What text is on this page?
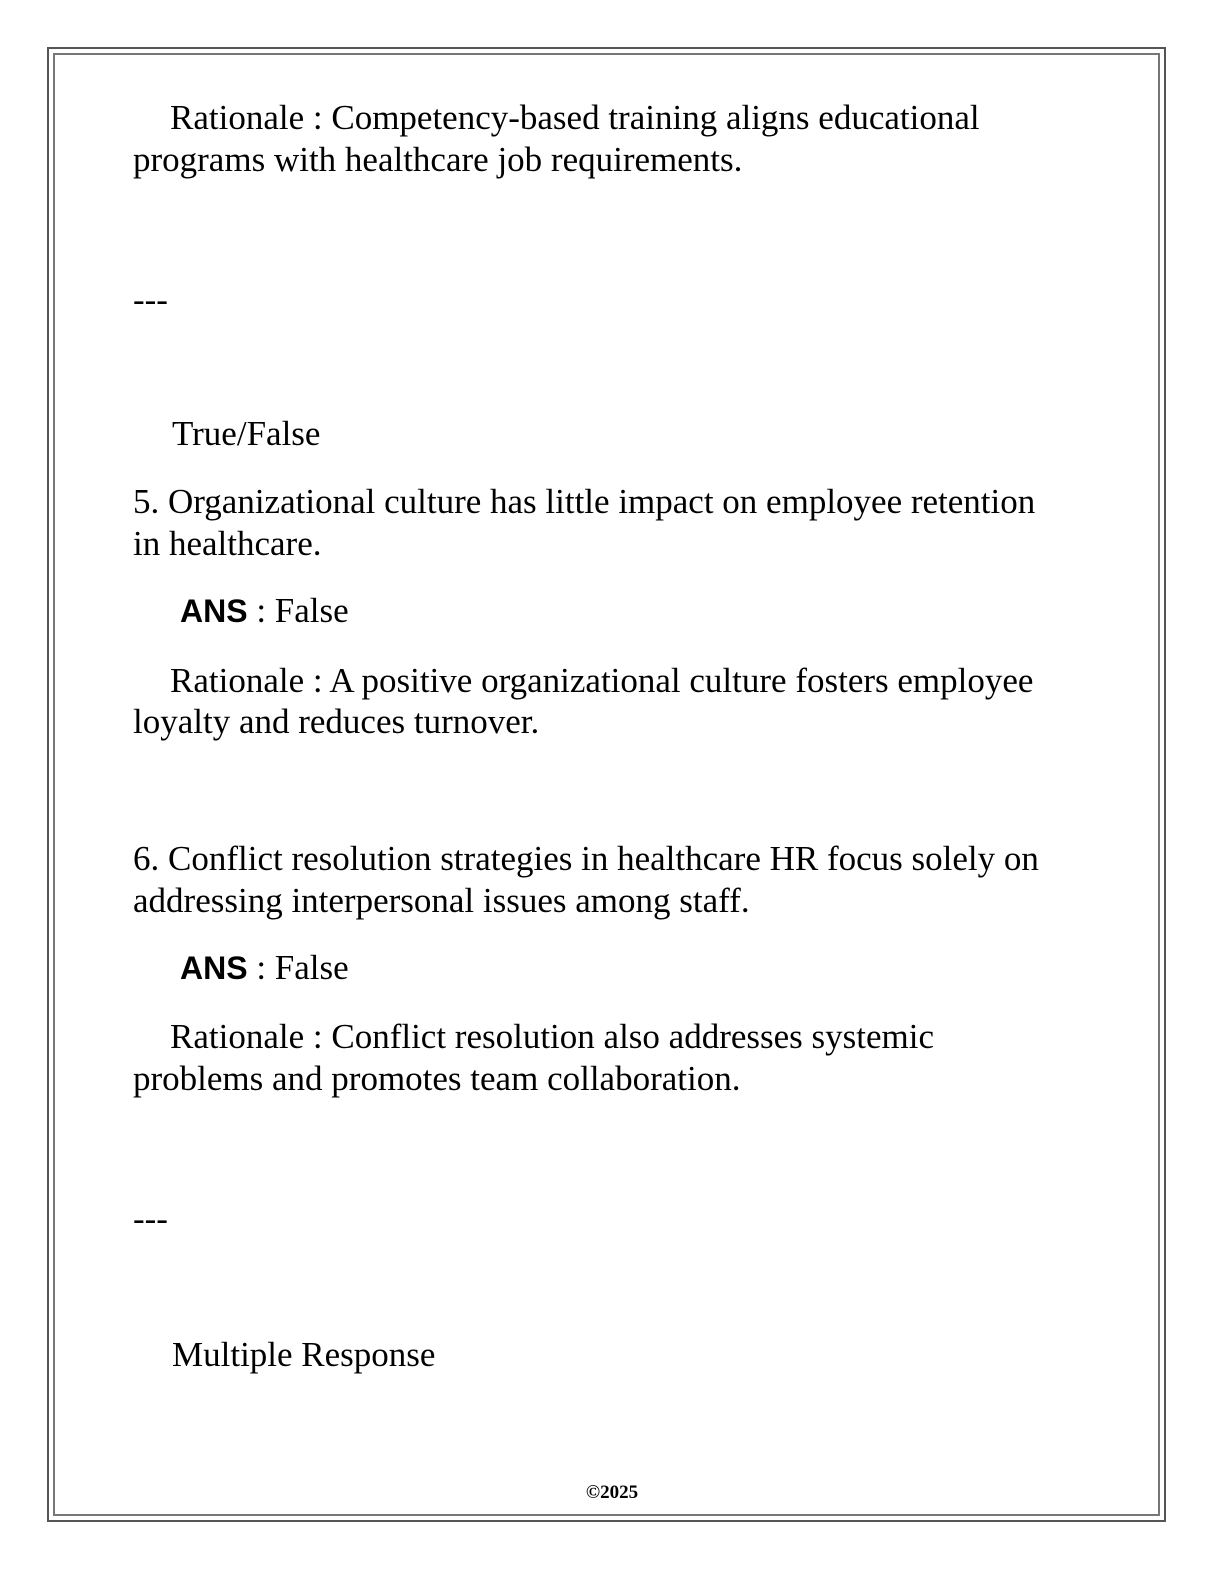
Rationale : Competency-based training aligns educational
programs with healthcare job requirements.
---
True/False
5. Organizational culture has little impact on employee retention
in healthcare.
ANS : False
Rationale : A positive organizational culture fosters employee
loyalty and reduces turnover.
6. Conflict resolution strategies in healthcare HR focus solely on
addressing interpersonal issues among staff.
ANS : False
Rationale : Conflict resolution also addresses systemic
problems and promotes team collaboration.
---
Multiple Response
©2025
